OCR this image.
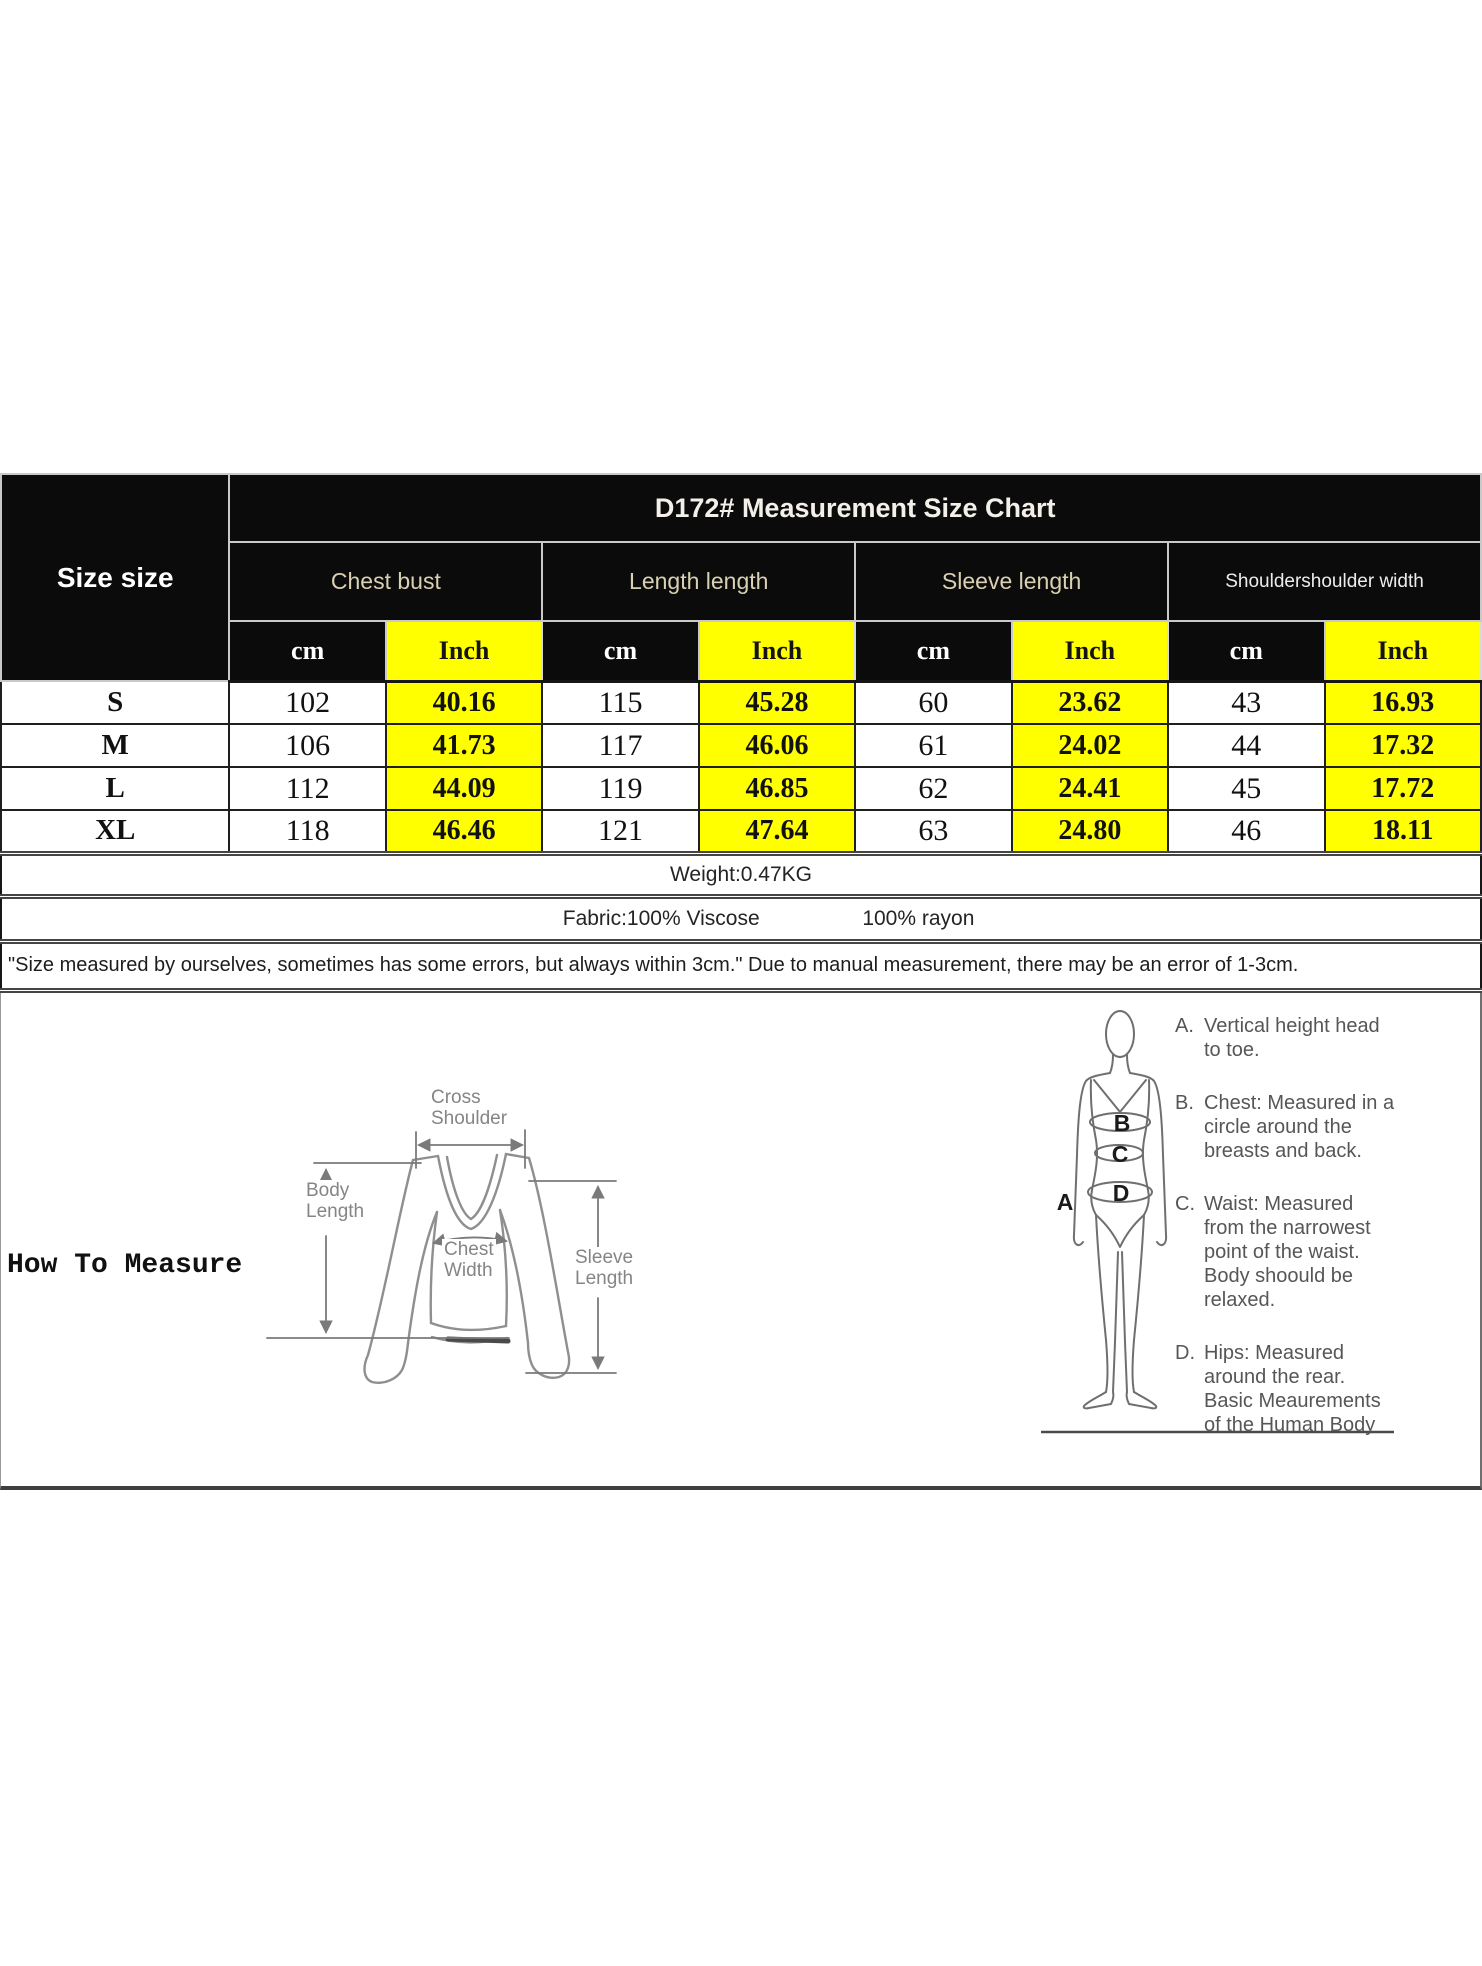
Size size	D172# Measurement Size Chart							
	Chest bust		Length length		Sleeve length		Shouldershoulder width	
	cm	Inch	cm	Inch	cm	Inch	cm	Inch
S	102	40.16	115	45.28	60	23.62	43	16.93
M	106	41.73	117	46.06	61	24.02	44	17.32
L	112	44.09	119	46.85	62	24.41	45	17.72
XL	118	46.46	121	47.64	63	24.80	46	18.11
Weight:0.47KG								

Fabric:100% Viscose 100% rayon								

"Size measured by ourselves, sometimes has some errors, but always within 3cm." Due to manual measurement, there may be an error of 1-3cm.								
A
B
C
D
How To Measure
Cross
Shoulder
Body
Length
Chest
Width
Sleeve
Length
A. Vertical height head
to toe.
B. Chest: Measured in a
circle around the
breasts and back.
C. Waist: Measured
from the narrowest
point of the waist.
Body shoould be
relaxed.
D. Hips: Measured
around the rear.
Basic Meaurements
of the Human Body
